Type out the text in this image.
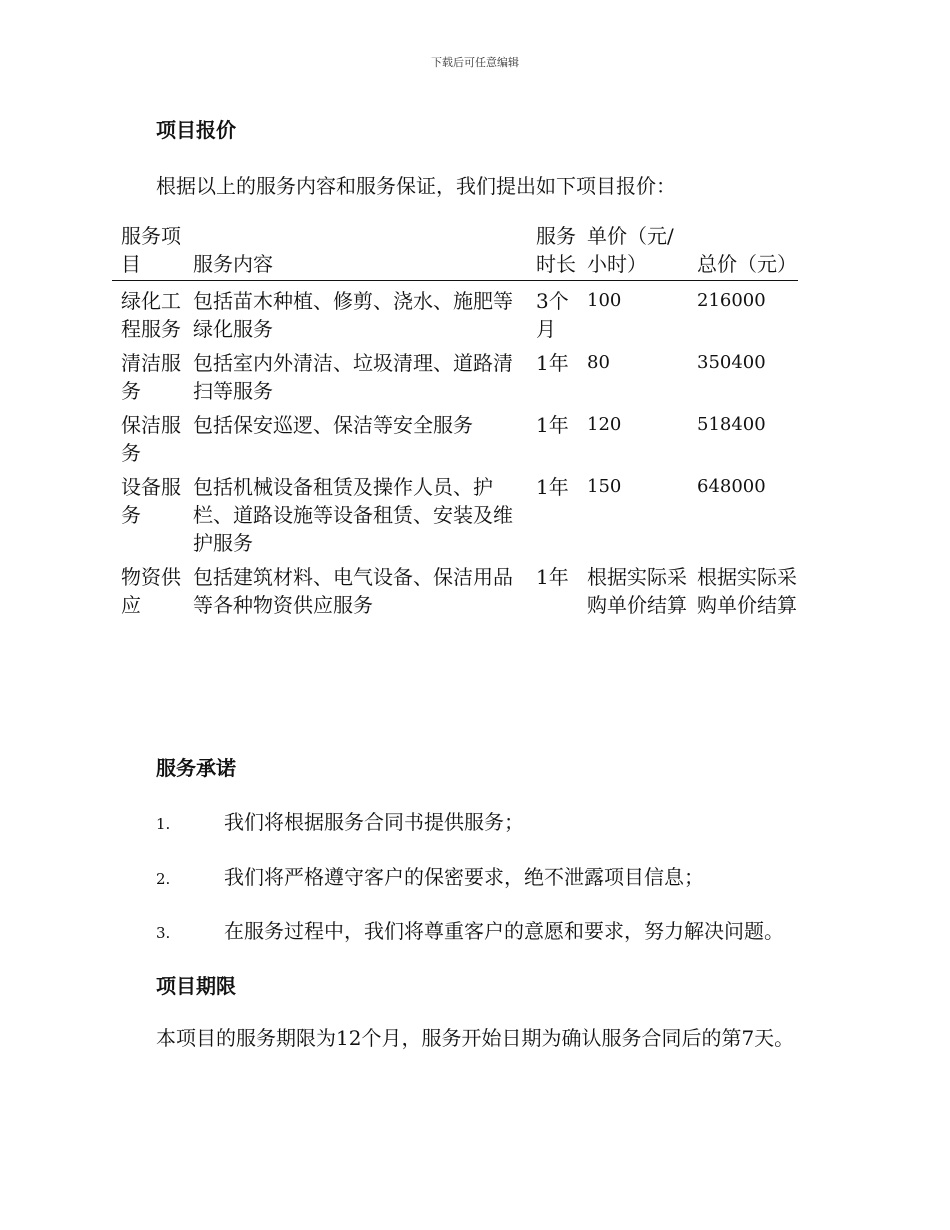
下载后可任意编辑
项目报价

根据以上的服务内容和服务保证，我们提出如下项目报价：

服务项目	服务内容	服务时长	单价（元/小时）	总价（元）
绿化工程服务	包括苗木种植、修剪、浇水、施肥等绿化服务	3个月	100	216000
清洁服务	包括室内外清洁、垃圾清理、道路清扫等服务	1年	80	350400
保洁服务	包括保安巡逻、保洁等安全服务	1年	120	518400
设备服务	包括机械设备租赁及操作人员、护栏、道路设施等设备租赁、安装及维护服务	1年	150	648000
物资供应	包括建筑材料、电气设备、保洁用品等各种物资供应服务	1年	根据实际采购单价结算	根据实际采购单价结算
服务承诺
1.	我们将根据服务合同书提供服务；
2.	我们将严格遵守客户的保密要求，绝不泄露项目信息；
3.	在服务过程中，我们将尊重客户的意愿和要求，努力解决问题。
项目期限

本项目的服务期限为12个月，服务开始日期为确认服务合同后的第7天。
